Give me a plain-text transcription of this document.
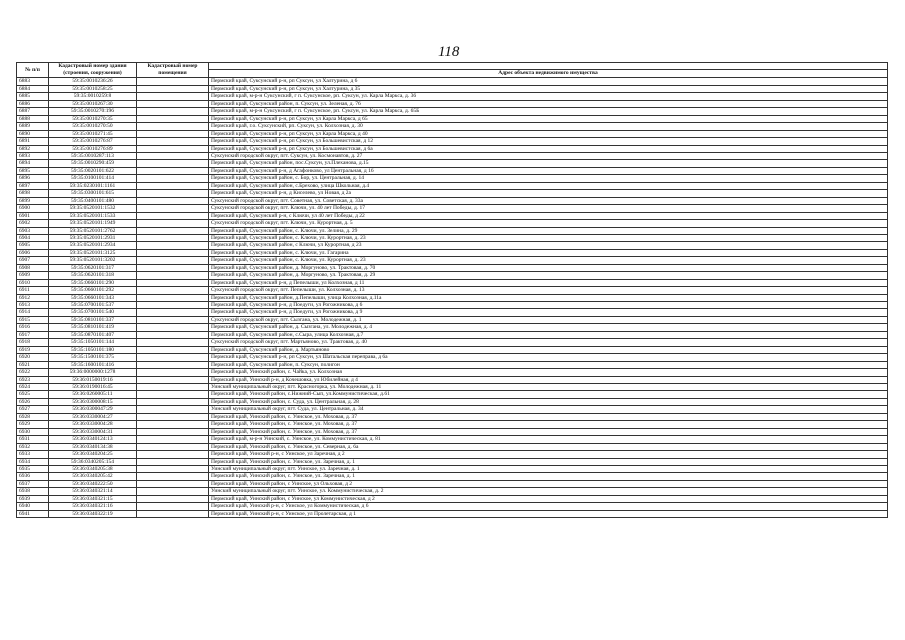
118
№ п/п	Кадастровый номер здания (строения, сооружения)	Кадастровый номер помещения	
			Адрес объекта недвижимого имущества
6883	59:35:0010236:26		Пермский край, Суксунский р-н, рп Суксун, ул Халтурина, д 6
6884	59:35:0010258:25		Пермский край, Суксунский р-н, рп Суксун, ул Халтурина, д 35
6885	59:35:0010259:8		Пермский край, м-р-н Суксунский, г п. Суксунское, рп. Суксун, ул. Карла Маркса, д. 36
6886	59:35:0010267:30		Пермский край, Суксунский район, п. Суксун, ул. Зеленая, д. 76
6887	59:35:0010270:196		Пермский край, м-р-н Суксунский, г п. Суксунское, рп. Суксун, ул. Карла Маркса, д. 65Б
6888	59:35:0010270:35		Пермский край, Суксунский р-н, рп Суксун, ул Карла Маркса, д 65
6889	59:35:0010270:50		Пермский край, г.о. Суксунский, рп. Суксун, ул. Колхозная, д. 30
6890	59:35:0010271:45		Пермский край, Суксунский р-н, рп Суксун, ул Карла Маркса, д 40
6891	59:35:0010276:87		Пермский край, Суксунский р-н, рп Суксун, ул Большевистская, д 12
6892	59:35:0010276:89		Пермский край, Суксунский р-н, рп Суксун, ул Большевистская, д 6а
6893	59:35:0010287:113		Суксунский городской округ, пгт. Суксун, ул. Космонавтов, д. 27
6894	59:35:0010290:459		Пермский край, Суксунский район, пос.Суксун, ул.Плеханова, д.15
6895	59:35:0020101:622		Пермский край, Суксунский р-н, д Агафонково, ул Центральная, д 16
6896	59:35:0100101:414		Пермский край, Суксунский район, с. Бор, ул. Центральная, д. 14
6897	59:35:0230101:1161		Пермский край, Суксунский район, с.Брехово, улица Школьная, д.4
6898	59:35:0300101:615		Пермский край, Суксунский р-н, д Киселево, ул Новая, д 2а
6899	59:35:0400101:480		Суксунский городской округ, пгт. Советная, ул. Советская, д. 33а
6900	59:35:0520101:1532		Суксунский городской округ, пгт. Ключи, ул. 40 лет Победы, д. 17
6901	59:35:0520101:1533		Пермский край, Суксунский р-н, с Ключи, ул 40 лет Победы, д 22
6902	59:35:0520101:1949		Суксунский городской округ, пгт. Ключи, ул. Курортная, д. 5
6903	59:35:0520101:2762		Пермский край, Суксунский район, с. Ключи, ул. Зелина, д. 29
6904	59:35:0520101:2931		Пермский край, Суксунский район, с. Ключи, ул. Курортная, д. 23
6905	59:35:0520101:2934		Пермский край, Суксунский район, с Ключи, ул Курортная, д 23
6906	59:35:0520101:3125		Пермский край, Суксунский район, с. Ключи, ул. Гагарина
6907	59:35:0520101:3202		Пермский край, Суксунский район, с. Ключи, ул. Курортная, д. 23
6908	59:35:0620101:317		Пермский край, Суксунский район, д. Моргуново, ул. Трактовая, д. 70
6909	59:35:0620101:318		Пермский край, Суксунский район, д. Моргуново, ул. Трактовая, д. 29
6910	59:35:0660101:290		Пермский край, Суксунский р-н, д Пепелыши, ул Колхозная, д 11
6911	59:35:0660101:292		Суксунский городской округ, пгт. Пепелыши, ул. Колхозная, д. 13
6912	59:35:0660101:343		Пермский край, Суксунский район, д.Пепелыши, улица Колхозная, д.11а
6913	59:35:0700101:537		Пермский край, Суксунский р-н, д Поедуги, ул Рогожникова, д 6
6914	59:35:0700101:540		Пермский край, Суксунский р-н, д Поедуги, ул Рогожникова, д 9
6915	59:35:0810101:337		Суксунский городской округ, пгт. Сызгана, ул. Молодежная, д. 1
6916	59:35:0810101:419		Пермский край, Суксунский район, д. Сызгана, ул. Молодежная, д. 4
6917	59:35:0870101:407		Пермский край, Суксунский район, с.Сыра, улица Колхозная, д.7
6918	59:35:1050101:144		Суксунский городской округ, пгт. Мартьяново, ул. Трактовая, д. 40
6919	59:35:1050101:180		Пермский край, Суксунский район, д. Мартьяново
6920	59:35:1500101:375		Пермский край, Суксунский р-н, рп Суксун, ул Шатальская переправа, д 6а
6921	59:35:1600101:416		Пермский край, Суксунский район, п. Суксун, полигон
6922	59:36:0000000:1278		Пермский край, Уинский район, с. Чайка, ул. Колхозная
6923	59:36:0150019:16		Пермский край, Уинский р-н, д Кочешовка, ул Юбилейная, д 4
6924	59:36:0190016:45		Уинский муниципальный округ, пгт. Красногорка, ул. Молодежная, д. 11
6925	59:36:0260005:11		Пермский край, Уинский район, с.Нижний-Сып, ул.Коммунистическая, д.61
6926	59:36:0300008:15		Пермский край, Уинский район, с. Суда, ул. Центральная, д. 28
6927	59:36:0300047:29		Уинский муниципальный округ, пгт. Суда, ул. Центральная, д. 34
6928	59:36:0330004:27		Пермский край, Уинский район, с. Уинское, ул. Моховая, д. 37
6929	59:36:0330004:28		Пермский край, Уинский район, с. Уинское, ул. Моховая, д. 37
6930	59:36:0330004:31		Пермский край, Уинский район, с. Уинское, ул. Моховая, д. 37
6931	59:36:0340124:13		Пермский край, м-р-н Уинский, с. Уинское, ул. Коммунистическая, д. 81
6932	59:36:0340134:38		Пермский край, Уинский район, с. Уинское, ул. Северная, д. 6а
6933	59:36:0340204:25		Пермский край, Уинский р-н, с Уинское, ул Заречная, д 2
6934	59:36:0340205:154		Пермский край, Уинский район, с. Уинское, ул. Заречная, д. 1
6935	59:36:0340205:38		Уинский муниципальный округ, пгт. Уинское, ул. Заречная, д. 1
6936	59:36:0340205:42		Пермский край, Уинский район, с. Уинское, ул. Заречная, д. 1
6937	59:36:0340222:50		Пермский край, Уинский район, с Уинское, ул Ольховая, д 2
6938	59:36:0340321:14		Уинский муниципальный округ, пгт. Уинское, ул. Коммунистическая, д. 2
6939	59:36:0340321:15		Пермский край, Уинский район, с Уинское, ул Коммунистическая, д 2
6940	59:36:0340321:16		Пермский край, Уинский р-н, с Уинское, ул Коммунистическая, д 6
6941	59:36:0340322:19		Пермский край, Уинский р-н, с Уинское, ул Пролетарская, д 1
